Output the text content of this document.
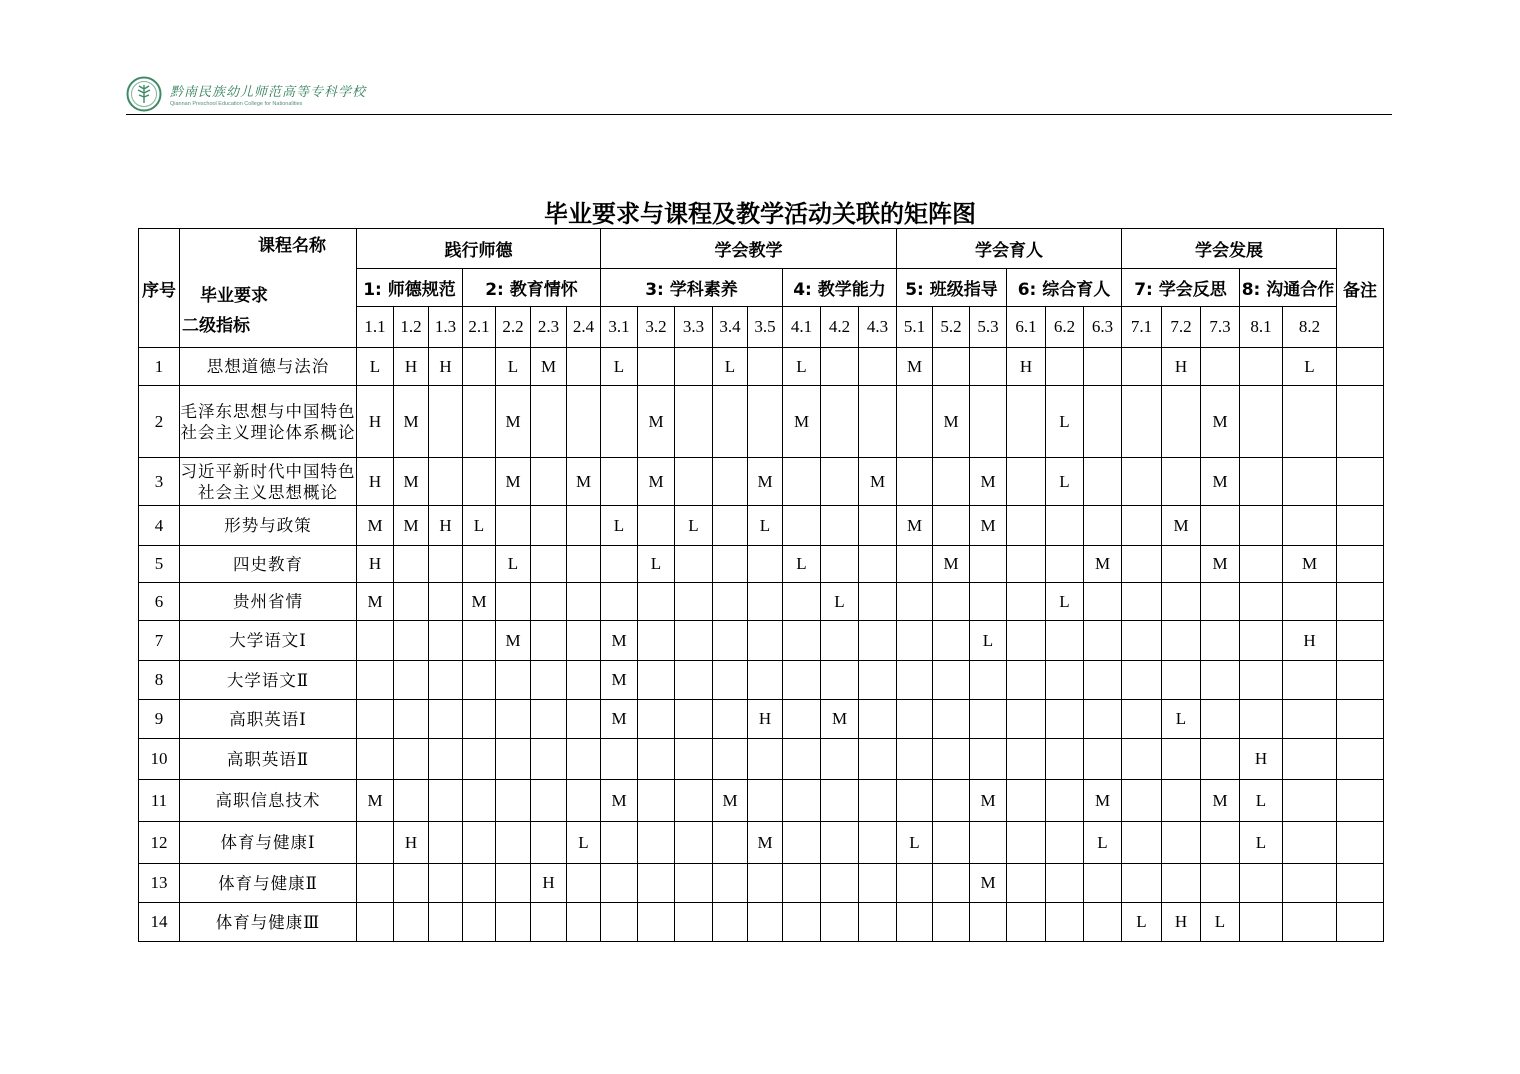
黔南民族幼儿师范高等专科学校
Qiannan Preschool Education College for Nationalities
毕业要求与课程及教学活动关联的矩阵图
序号	课程名称
毕业要求
二级指标	践行师德							学会教学								学会育人						学会发展					备注
		1: 师德规范			2: 教育情怀				3: 学科素养					4: 教学能力			5: 班级指导			6: 综合育人			7: 学会反思			8: 沟通合作		
		1.1	1.2	1.3	2.1	2.2	2.3	2.4	3.1	3.2	3.3	3.4	3.5	4.1	4.2	4.3	5.1	5.2	5.3	6.1	6.2	6.3	7.1	7.2	7.3	8.1	8.2	
1	思想道德与法治	L	H	H		L	M		L			L		L			M			H				H			L	
2	毛泽东思想与中国特色社会主义理论体系概论	H	M			M				M				M				M			L				M			
3	习近平新时代中国特色社会主义思想概论	H	M			M		M		M			M			M			M		L				M			
4	形势与政策	M	M	H	L				L		L		L				M		M					M				
5	四史教育	H				L				L				L				M				M			M		M	
6	贵州省情	M			M										L						L							
7	大学语文Ⅰ					M			M										L								H	
8	大学语文Ⅱ								M																			
9	高职英语Ⅰ								M				H		M									L				
10	高职英语Ⅱ																									H		
11	高职信息技术	M							M			M							M			M			M	L		
12	体育与健康Ⅰ		H					L					M				L					L				L		
13	体育与健康Ⅱ						H												M									
14	体育与健康Ⅲ																						L	H	L			
